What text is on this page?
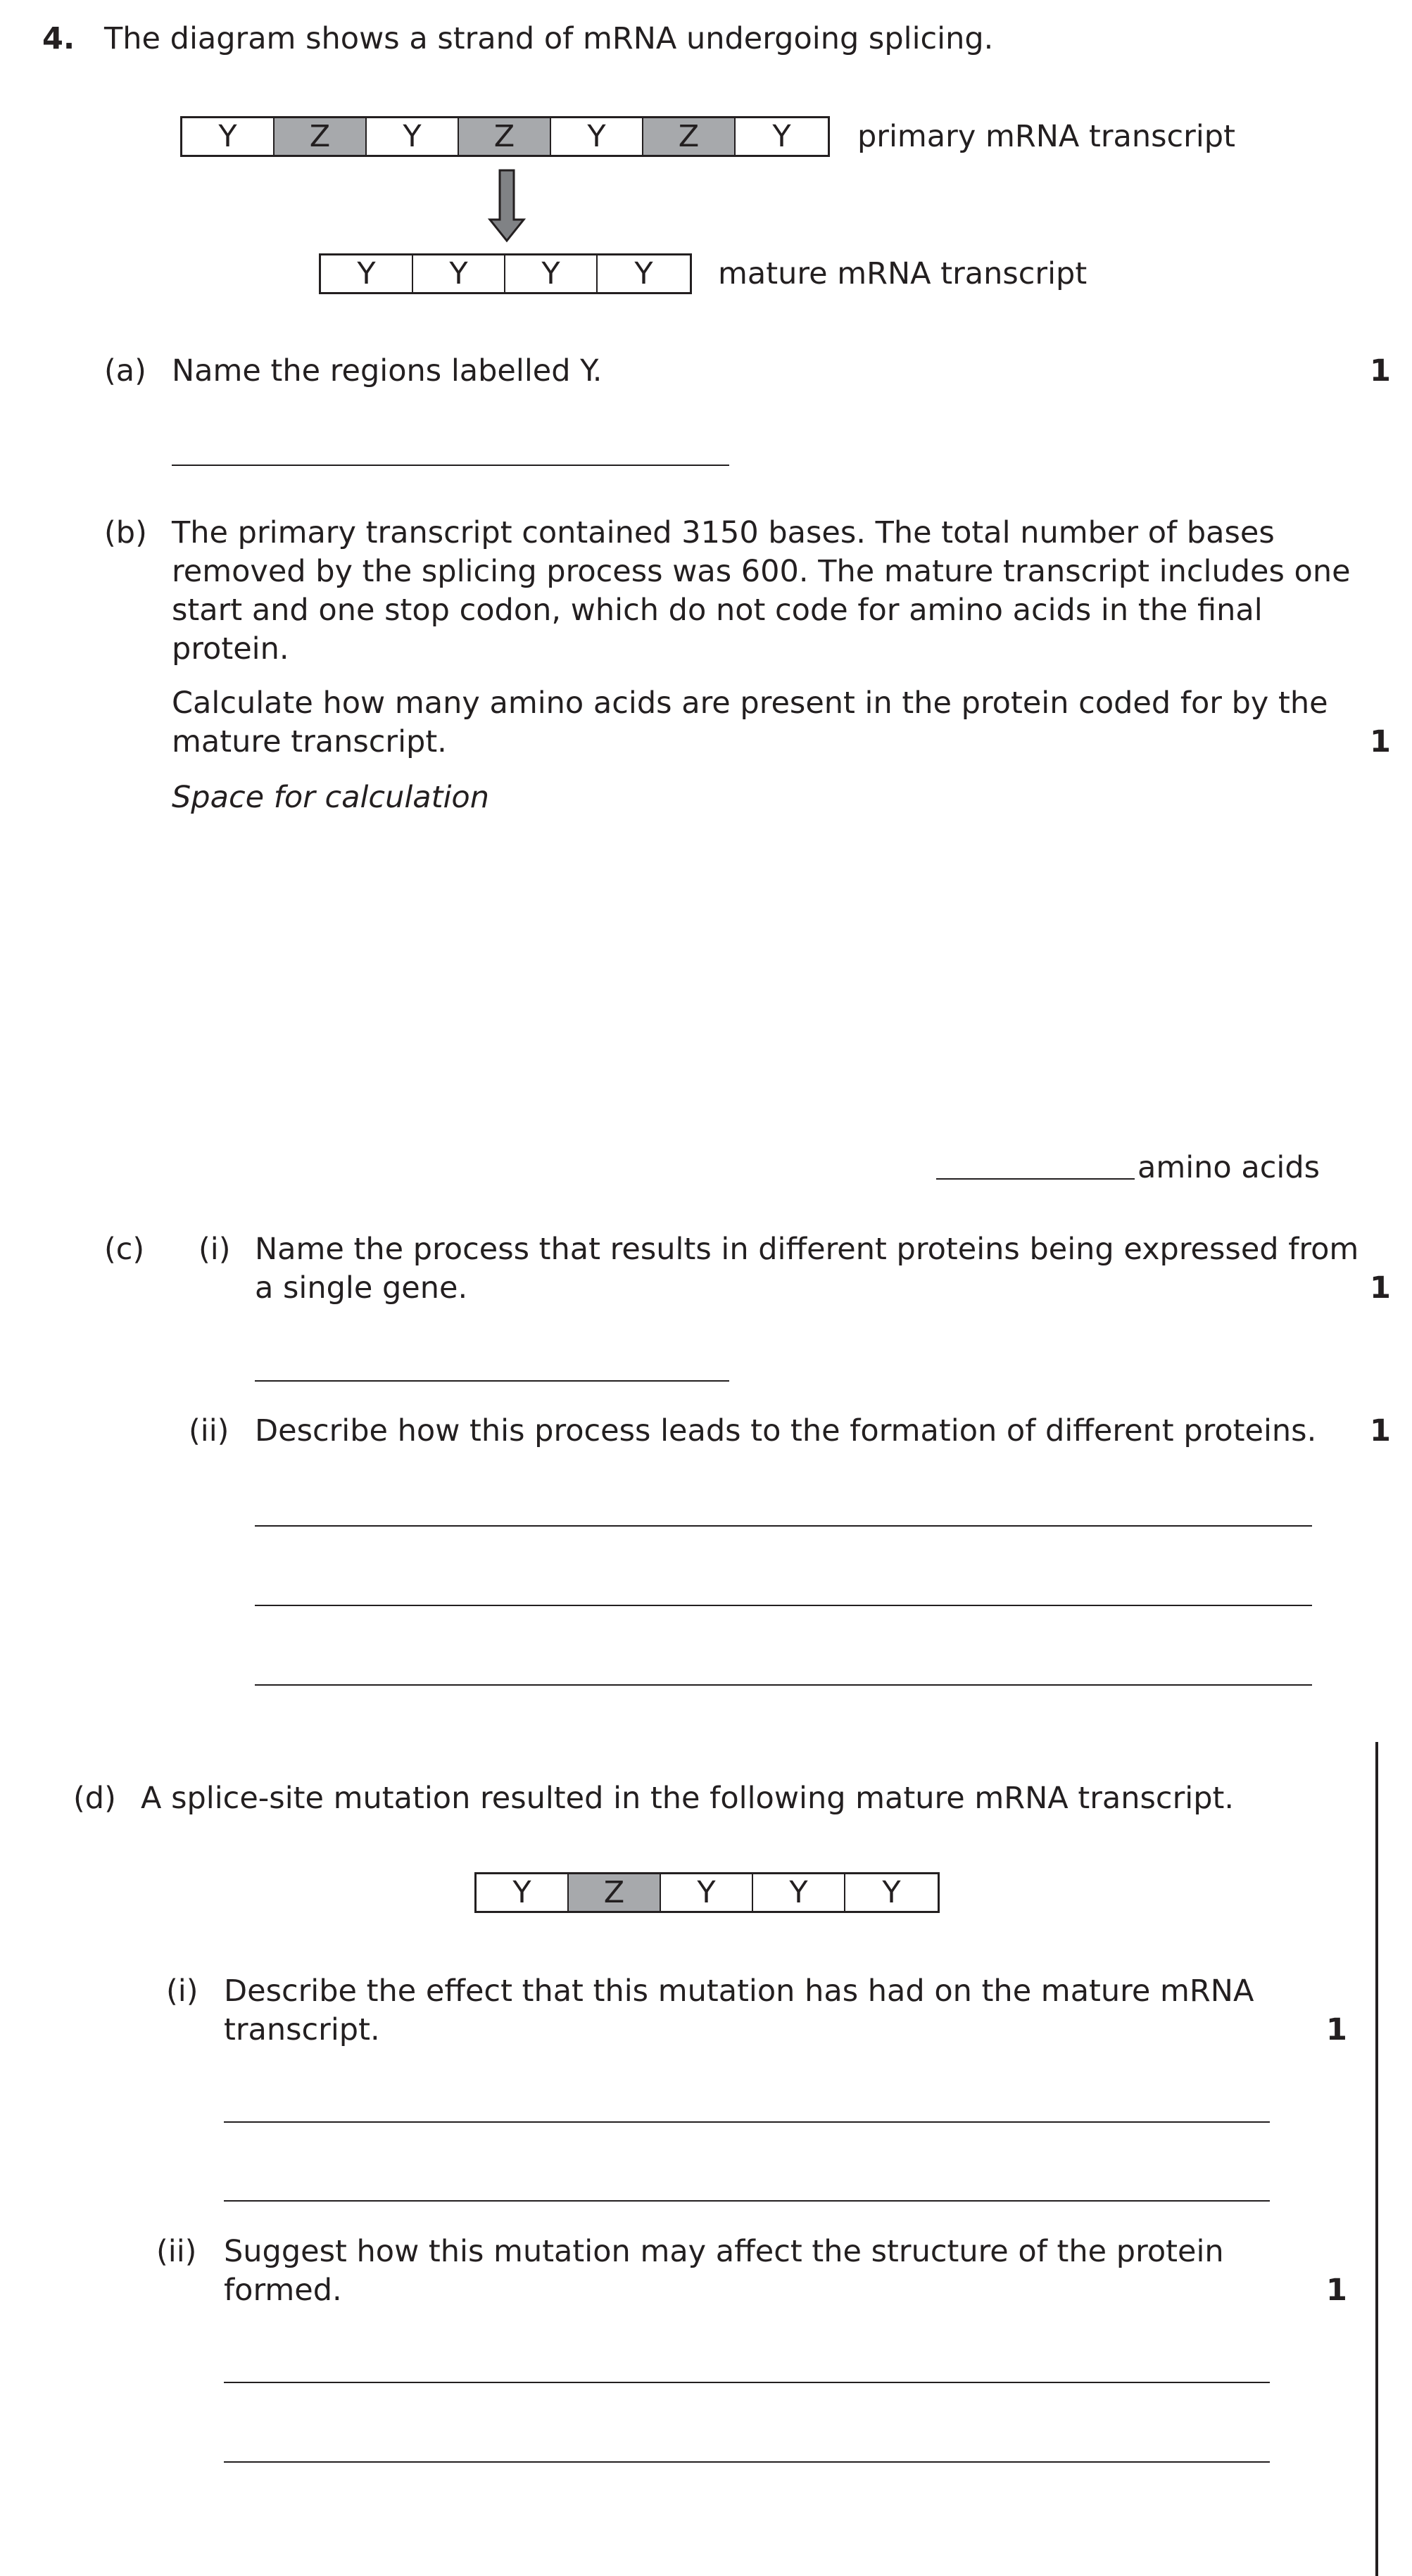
4. The diagram shows a strand of mRNA undergoing splicing.
Y	Z	Y	Z	Y	Z	Y	primary mRNA transcript
Y	Y	Y	Y	mature mRNA transcript
(a) Name the regions labelled Y.	1
(b) The primary transcript contained 3150 bases. The total number of bases
removed by the splicing process was 600. The mature transcript includes one
start and one stop codon, which do not code for amino acids in the final
protein.
Calculate how many amino acids are present in the protein coded for by the
mature transcript.	1
Space for calculation
amino acids
(c) (i) Name the process that results in different proteins being expressed from
a single gene.	1
(ii) Describe how this process leads to the formation of different proteins. 1
(d) A splice-site mutation resulted in the following mature mRNA transcript.
Y	Z	Y	Y	Y
(i) Describe the effect that this mutation has had on the mature mRNA
transcript.	1
(ii) Suggest how this mutation may affect the structure of the protein
formed.	1
